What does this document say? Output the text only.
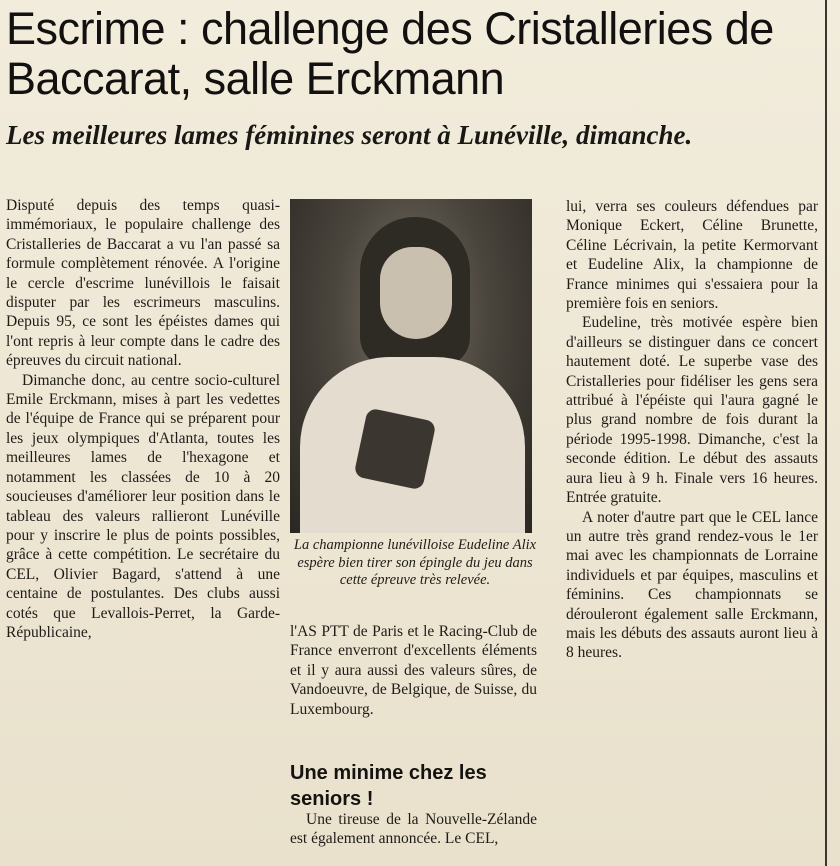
Escrime : challenge des Cristalleries de Baccarat, salle Erckmann
Les meilleures lames féminines seront à Lunéville, dimanche.

Disputé depuis des temps quasi-immémoriaux, le populaire challenge des Cristalleries de Baccarat a vu l'an passé sa formule complètement rénovée. A l'origine le cercle d'escrime lunévillois le faisait disputer par les escrimeurs masculins. Depuis 95, ce sont les épéistes dames qui l'ont repris à leur compte dans le cadre des épreuves du circuit national.

Dimanche donc, au centre socio-culturel Emile Erckmann, mises à part les vedettes de l'équipe de France qui se préparent pour les jeux olympiques d'Atlanta, toutes les meilleures lames de l'hexagone et notamment les classées de 10 à 20 soucieuses d'améliorer leur position dans le tableau des valeurs rallieront Lunéville pour y inscrire le plus de points possibles, grâce à cette compétition. Le secrétaire du CEL, Olivier Bagard, s'attend à une centaine de postulantes. Des clubs aussi cotés que Levallois-Perret, la Garde-Républicaine,

La championne lunévilloise Eudeline Alix espère bien tirer son épingle du jeu dans cette épreuve très relevée.

l'AS PTT de Paris et le Racing-Club de France enverront d'excellents éléments et il y aura aussi des valeurs sûres, de Vandoeuvre, de Belgique, de Suisse, du Luxembourg.

Une minime chez les seniors !

Une tireuse de la Nouvelle-Zélande est également annoncée. Le CEL,

lui, verra ses couleurs défendues par Monique Eckert, Céline Brunette, Céline Lécrivain, la petite Kermorvant et Eudeline Alix, la championne de France minimes qui s'essaiera pour la première fois en seniors.

Eudeline, très motivée espère bien d'ailleurs se distinguer dans ce concert hautement doté. Le superbe vase des Cristalleries pour fidéliser les gens sera attribué à l'épéiste qui l'aura gagné le plus grand nombre de fois durant la période 1995-1998. Dimanche, c'est la seconde édition. Le début des assauts aura lieu à 9 h. Finale vers 16 heures. Entrée gratuite.

A noter d'autre part que le CEL lance un autre très grand rendez-vous le 1er mai avec les championnats de Lorraine individuels et par équipes, masculins et féminins. Ces championnats se dérouleront également salle Erckmann, mais les débuts des assauts auront lieu à 8 heures.
